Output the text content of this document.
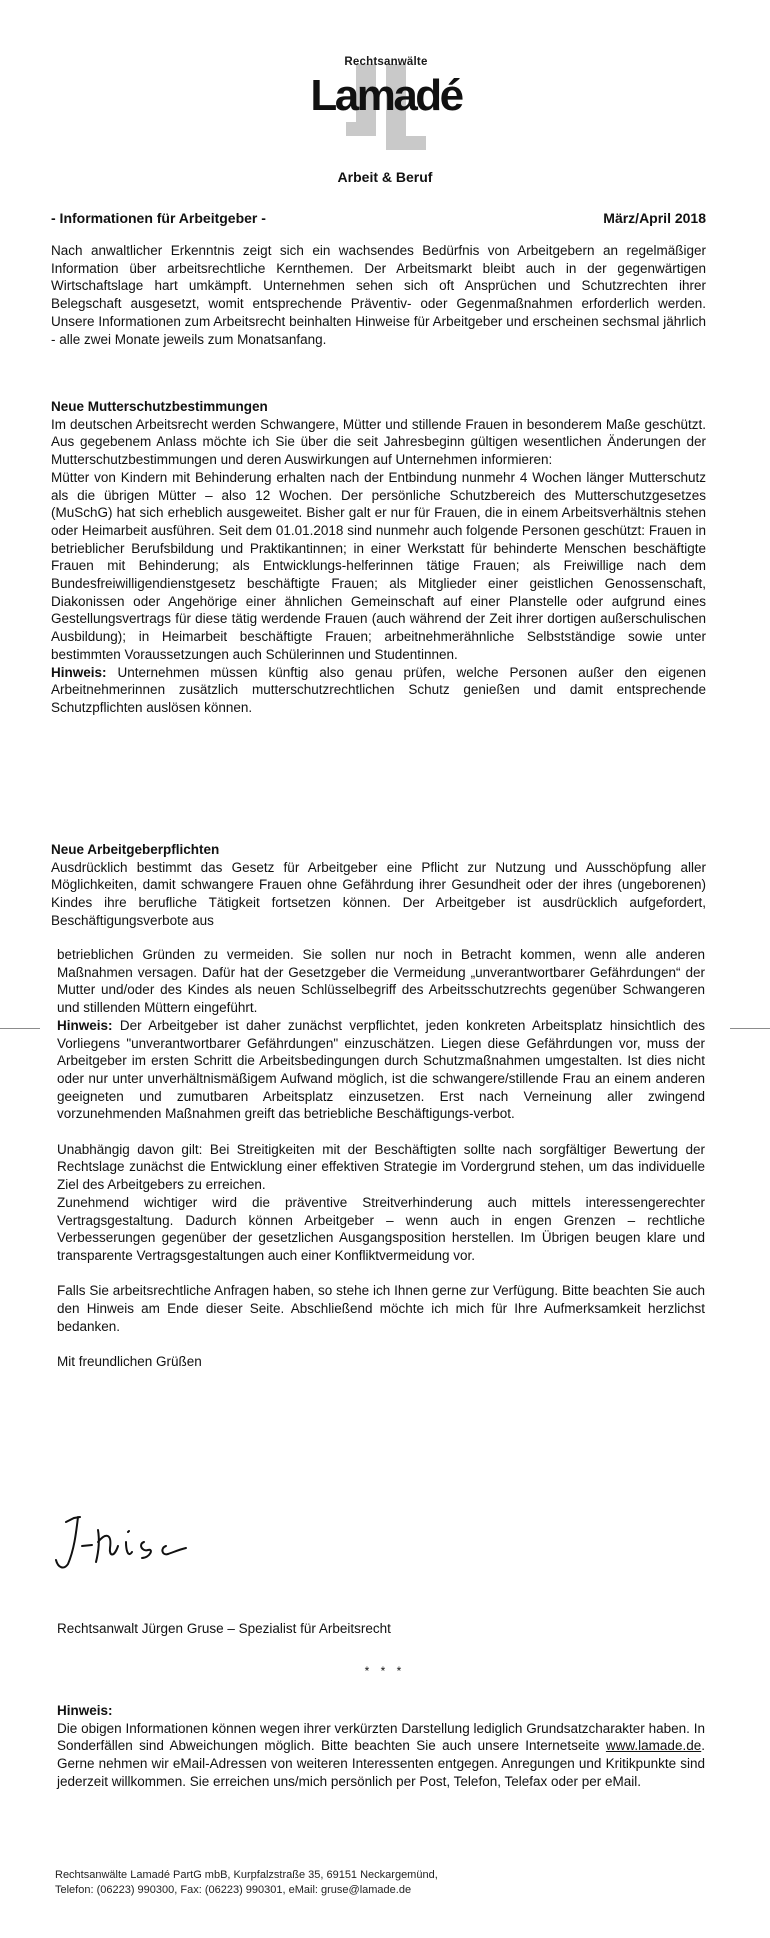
Rechtsanwälte
Lamadé
Arbeit & Beruf
- Informationen für Arbeitgeber -	März/April 2018

Nach anwaltlicher Erkenntnis zeigt sich ein wachsendes Bedürfnis von Arbeitgebern an regelmäßiger Information über arbeitsrechtliche Kernthemen. Der Arbeitsmarkt bleibt auch in der gegenwärtigen Wirtschaftslage hart umkämpft. Unternehmen sehen sich oft Ansprüchen und Schutzrechten ihrer Belegschaft ausgesetzt, womit entsprechende Präventiv- oder Gegenmaßnahmen erforderlich werden. Unsere Informationen zum Arbeitsrecht beinhalten Hinweise für Arbeitgeber und erscheinen sechsmal jährlich - alle zwei Monate jeweils zum Monatsanfang.

Neue Mutterschutzbestimmungen

Im deutschen Arbeitsrecht werden Schwangere, Mütter und stillende Frauen in besonderem Maße geschützt. Aus gegebenem Anlass möchte ich Sie über die seit Jahresbeginn gültigen wesentlichen Änderungen der Mutterschutzbestimmungen und deren Auswirkungen auf Unternehmen informieren:

Mütter von Kindern mit Behinderung erhalten nach der Entbindung nunmehr 4 Wochen länger Mutterschutz als die übrigen Mütter – also 12 Wochen. Der persönliche Schutzbereich des Mutterschutzgesetzes (MuSchG) hat sich erheblich ausgeweitet. Bisher galt er nur für Frauen, die in einem Arbeitsverhältnis stehen oder Heimarbeit ausführen. Seit dem 01.01.2018 sind nunmehr auch folgende Personen geschützt: Frauen in betrieblicher Berufsbildung und Praktikantinnen; in einer Werkstatt für behinderte Menschen beschäftigte Frauen mit Behinderung; als Entwicklungs-helferinnen tätige Frauen; als Freiwillige nach dem Bundesfreiwilligendienstgesetz beschäftigte Frauen; als Mitglieder einer geistlichen Genossenschaft, Diakonissen oder Angehörige einer ähnlichen Gemeinschaft auf einer Planstelle oder aufgrund eines Gestellungsvertrags für diese tätig werdende Frauen (auch während der Zeit ihrer dortigen außerschulischen Ausbildung); in Heimarbeit beschäftigte Frauen; arbeitnehmerähnliche Selbstständige sowie unter bestimmten Voraussetzungen auch Schülerinnen und Studentinnen.

Hinweis: Unternehmen müssen künftig also genau prüfen, welche Personen außer den eigenen Arbeitnehmerinnen zusätzlich mutterschutzrechtlichen Schutz genießen und damit entsprechende Schutzpflichten auslösen können.

Neue Arbeitgeberpflichten

Ausdrücklich bestimmt das Gesetz für Arbeitgeber eine Pflicht zur Nutzung und Ausschöpfung aller Möglichkeiten, damit schwangere Frauen ohne Gefährdung ihrer Gesundheit oder der ihres (ungeborenen) Kindes ihre berufliche Tätigkeit fortsetzen können. Der Arbeitgeber ist ausdrücklich aufgefordert, Beschäftigungsverbote aus

betrieblichen Gründen zu vermeiden. Sie sollen nur noch in Betracht kommen, wenn alle anderen Maßnahmen versagen. Dafür hat der Gesetzgeber die Vermeidung „unverantwortbarer Gefährdungen“ der Mutter und/oder des Kindes als neuen Schlüsselbegriff des Arbeitsschutzrechts gegenüber Schwangeren und stillenden Müttern eingeführt.

Hinweis: Der Arbeitgeber ist daher zunächst verpflichtet, jeden konkreten Arbeitsplatz hinsichtlich des Vorliegens "unverantwortbarer Gefährdungen" einzuschätzen. Liegen diese Gefährdungen vor, muss der Arbeitgeber im ersten Schritt die Arbeitsbedingungen durch Schutzmaßnahmen umgestalten. Ist dies nicht oder nur unter unverhältnismäßigem Aufwand möglich, ist die schwangere/stillende Frau an einem anderen geeigneten und zumutbaren Arbeitsplatz einzusetzen. Erst nach Verneinung aller zwingend vorzunehmenden Maßnahmen greift das betriebliche Beschäftigungs-verbot.

Unabhängig davon gilt: Bei Streitigkeiten mit der Beschäftigten sollte nach sorgfältiger Bewertung der Rechtslage zunächst die Entwicklung einer effektiven Strategie im Vordergrund stehen, um das individuelle Ziel des Arbeitgebers zu erreichen.

Zunehmend wichtiger wird die präventive Streitverhinderung auch mittels interessengerechter Vertragsgestaltung. Dadurch können Arbeitgeber – wenn auch in engen Grenzen – rechtliche Verbesserungen gegenüber der gesetzlichen Ausgangsposition herstellen. Im Übrigen beugen klare und transparente Vertragsgestaltungen auch einer Konfliktvermeidung vor.

Falls Sie arbeitsrechtliche Anfragen haben, so stehe ich Ihnen gerne zur Verfügung. Bitte beachten Sie auch den Hinweis am Ende dieser Seite. Abschließend möchte ich mich für Ihre Aufmerksamkeit herzlichst bedanken.

Mit freundlichen Grüßen

Rechtsanwalt Jürgen Gruse – Spezialist für Arbeitsrecht

* * *
Hinweis:

Die obigen Informationen können wegen ihrer verkürzten Darstellung lediglich Grundsatzcharakter haben. In Sonderfällen sind Abweichungen möglich. Bitte beachten Sie auch unsere Internetseite www.lamade.de. Gerne nehmen wir eMail-Adressen von weiteren Interessenten entgegen. Anregungen und Kritikpunkte sind jederzeit willkommen. Sie erreichen uns/mich persönlich per Post, Telefon, Telefax oder per eMail.

Rechtsanwälte Lamadé PartG mbB, Kurpfalzstraße 35, 69151 Neckargemünd,

Telefon: (06223) 990300, Fax: (06223) 990301, eMail: gruse@lamade.de
